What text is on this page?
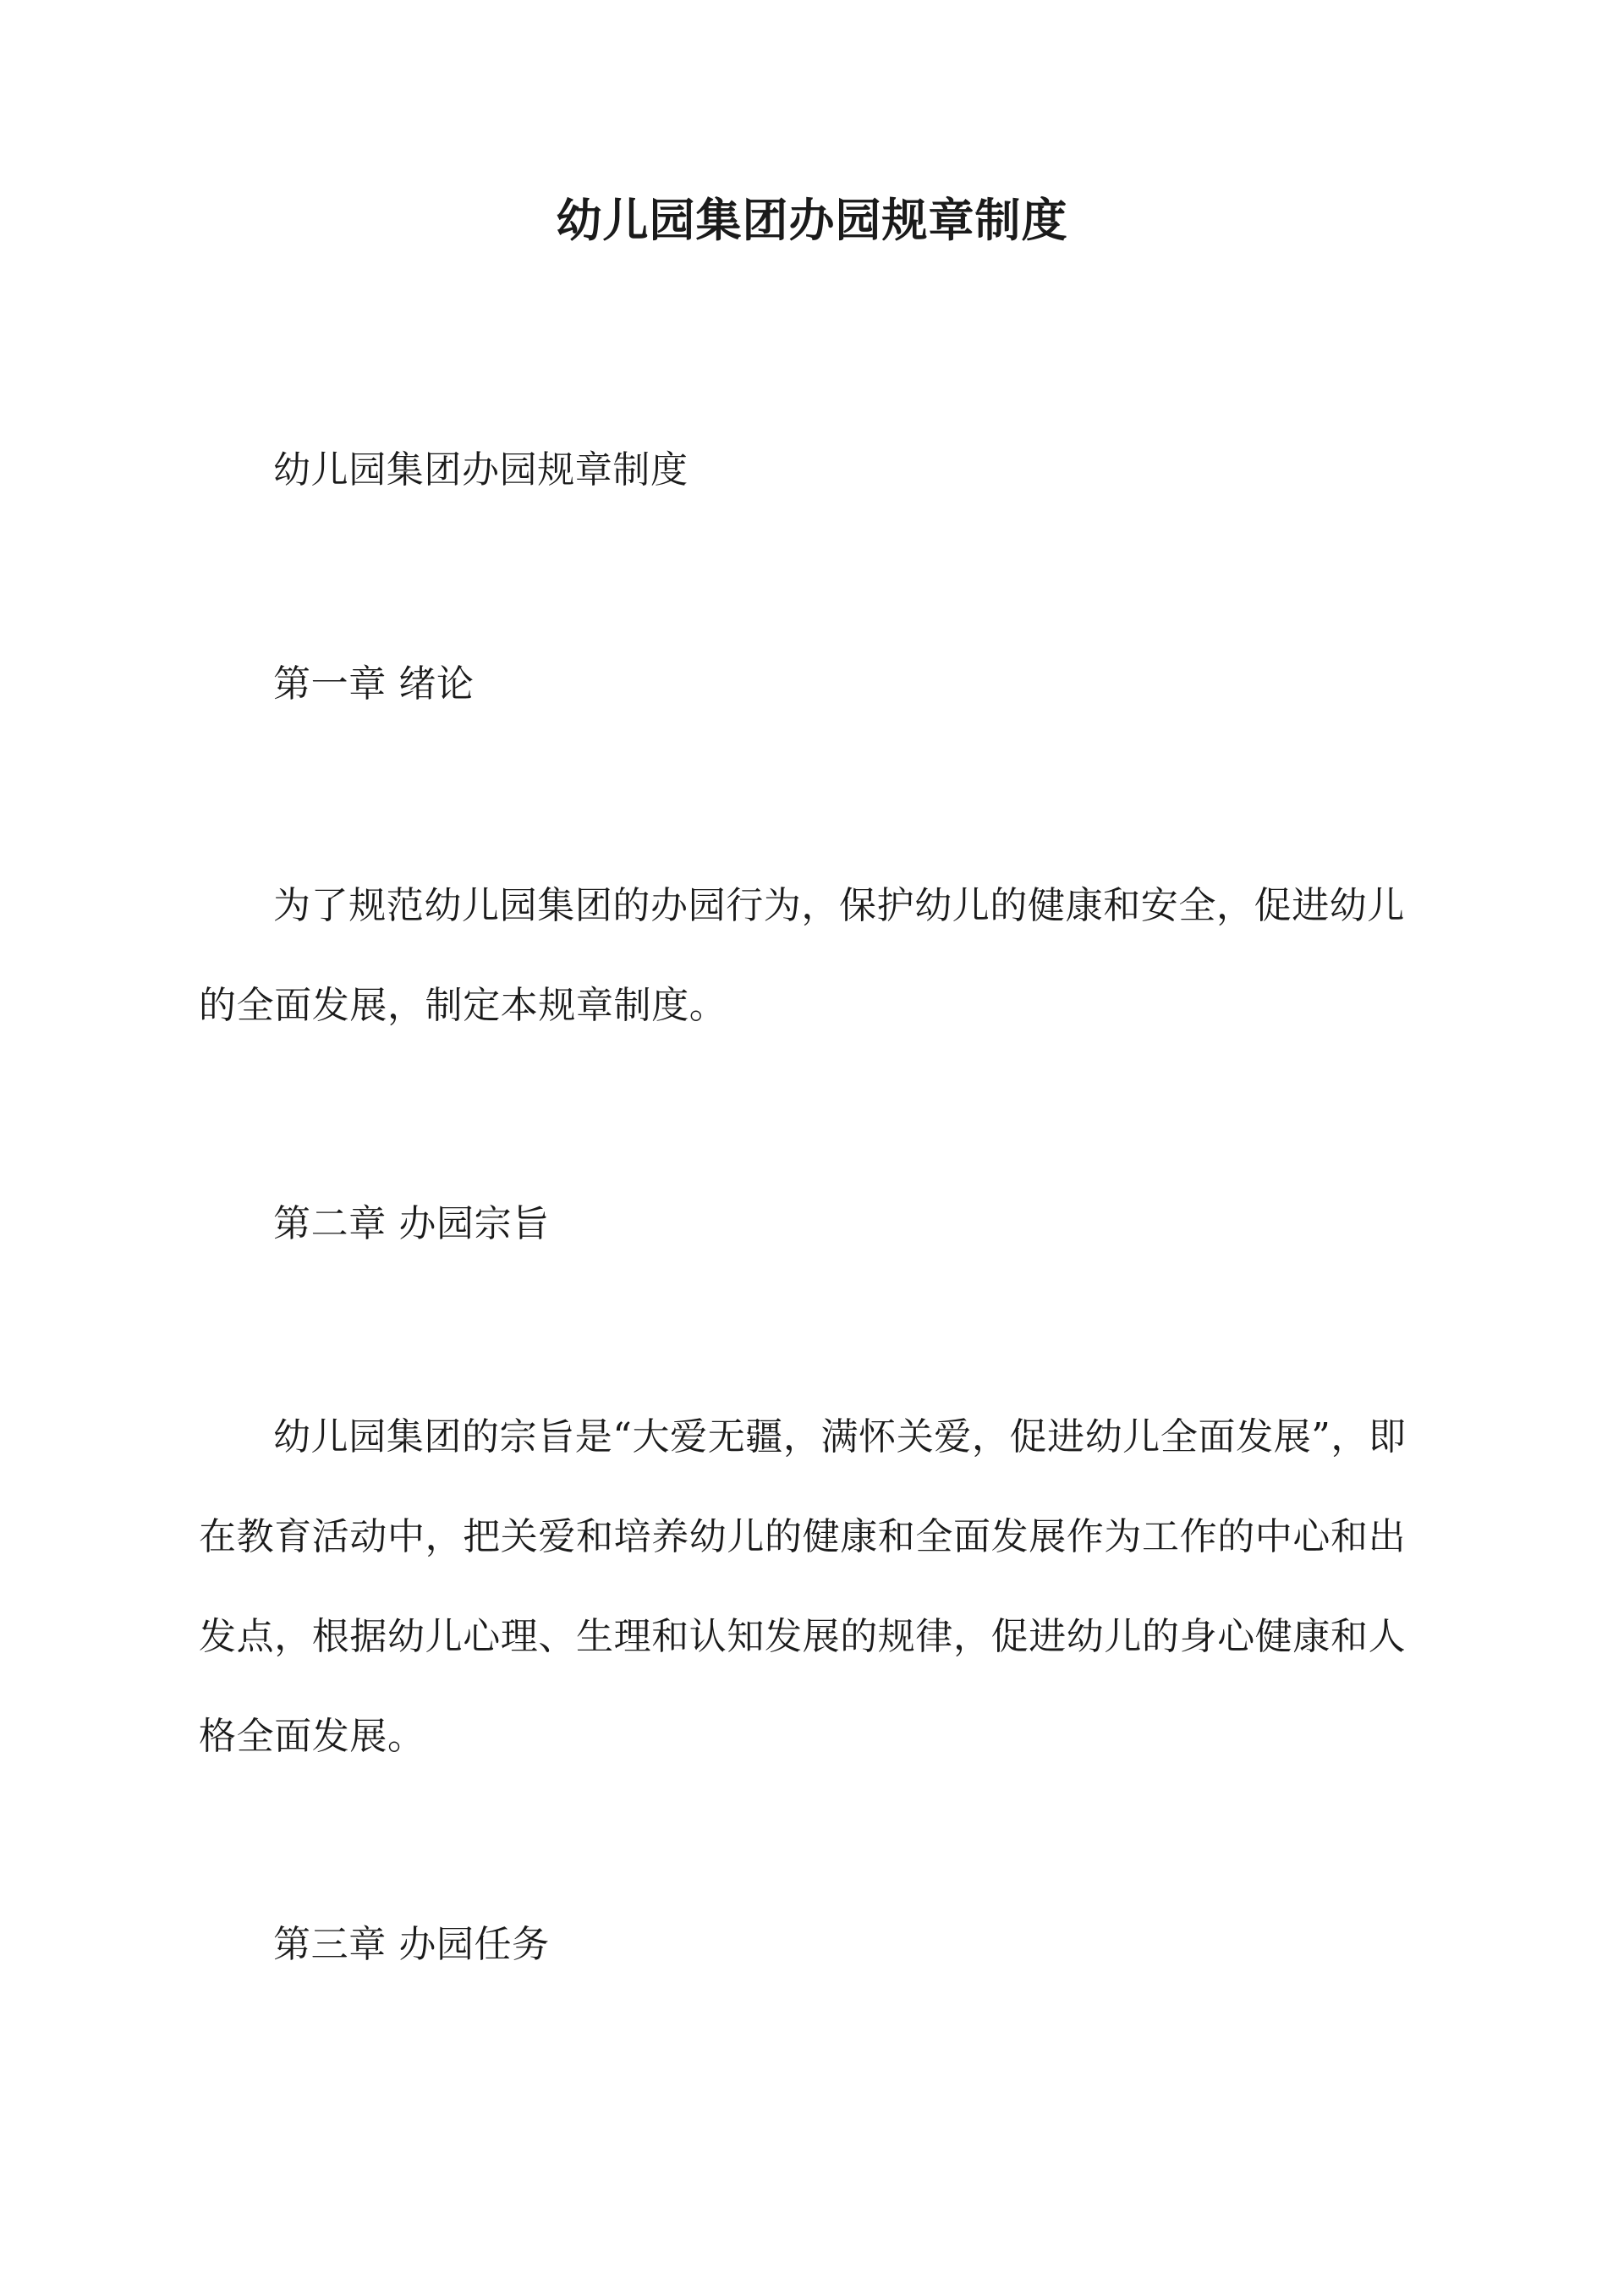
幼儿园集团办园规章制度

幼儿园集团办园规章制度

第一章 绪论

为了规范幼儿园集团的办园行为，保护幼儿的健康和安全，促进幼儿的全面发展，制定本规章制度。

第二章 办园宗旨

幼儿园集团的宗旨是“大爱无疆，满怀关爱，促进幼儿全面发展”，即在教育活动中，把关爱和培养幼儿的健康和全面发展作为工作的中心和出发点，根据幼儿心理、生理和认知发展的规律，促进幼儿的身心健康和人格全面发展。

第三章 办园任务
